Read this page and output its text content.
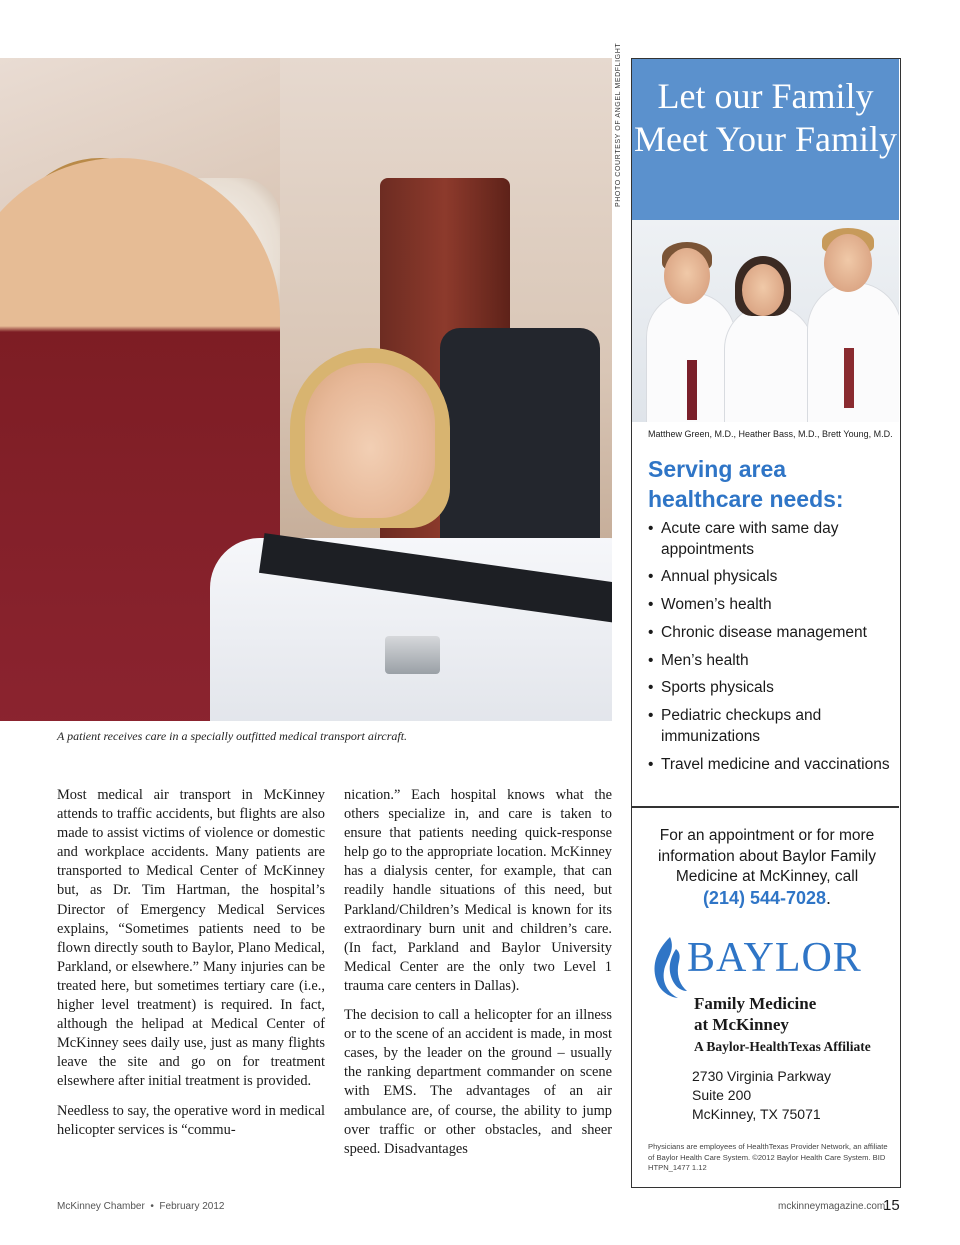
PHOTO COURTESY OF ANGEL MEDFLIGHT
A patient receives care in a specially outfitted medical transport aircraft.

Most medical air transport in McKinney attends to traffic accidents, but flights are also made to assist victims of violence or domestic and workplace accidents. Many patients are transported to Medical Center of McKinney but, as Dr. Tim Hartman, the hospital’s Director of Emergency Medical Services explains, “Sometimes patients need to be flown directly south to Baylor, Plano Medical, Parkland, or elsewhere.” Many injuries can be treated here, but sometimes tertiary care (i.e., higher level treatment) is required. In fact, although the helipad at Medical Center of McKinney sees daily use, just as many flights leave the site and go on for treatment elsewhere after initial treatment is provided.

Needless to say, the operative word in medical helicopter services is “commu-

nication.” Each hospital knows what the others specialize in, and care is taken to ensure that patients needing quick-response help go to the appropriate location. McKinney has a dialysis center, for example, that can readily handle situations of this need, but Parkland/Children’s Medical is known for its extraordinary burn unit and children’s care. (In fact, Parkland and Baylor University Medical Center are the only two Level 1 trauma care centers in Dallas).

The decision to call a helicopter for an illness or to the scene of an accident is made, in most cases, by the leader on the ground – usually the ranking department commander on scene with EMS. The advantages of an air ambulance are, of course, the ability to jump over traffic or other obstacles, and sheer speed. Disadvantages

Let our Family Meet Your Family
Matthew Green, M.D., Heather Bass, M.D., Brett Young, M.D.
Serving area healthcare needs:
• Acute care with same day appointments
• Annual physicals
• Women’s health
• Chronic disease management
• Men’s health
• Sports physicals
• Pediatric checkups and immunizations
• Travel medicine and vaccinations
For an appointment or for more information about Baylor Family Medicine at McKinney, call
(214) 544-7028.
BAYLOR
Family Medicine
at McKinney
A Baylor-HealthTexas Affiliate
2730 Virginia Parkway
Suite 200
McKinney, TX 75071
Physicians are employees of HealthTexas Provider Network, an affiliate of Baylor Health Care System. ©2012 Baylor Health Care System. BID HTPN_1477 1.12
McKinney Chamber  •  February 2012	mckinneymagazine.com
15
